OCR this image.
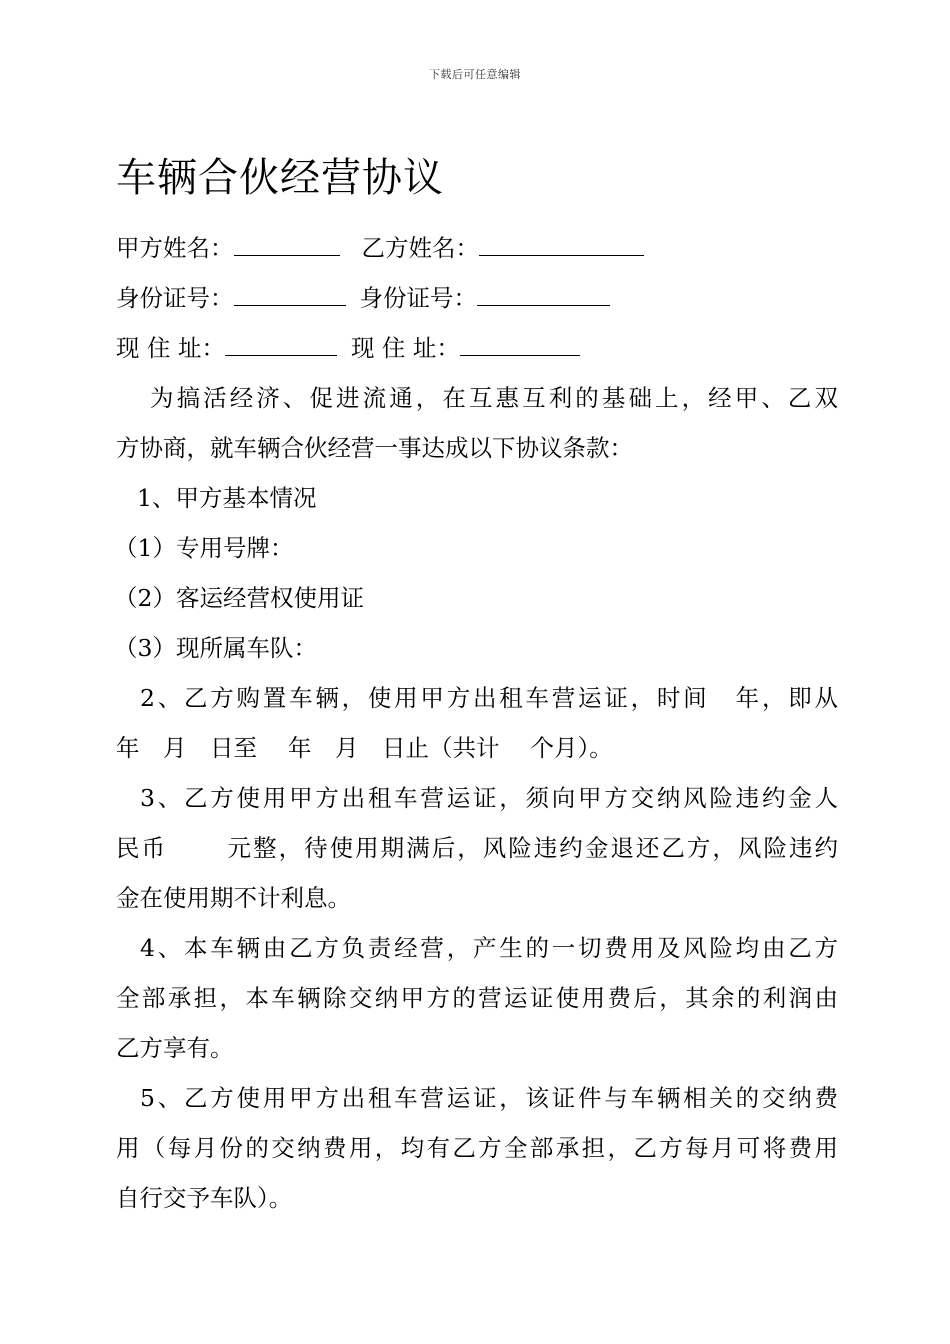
下载后可任意编辑
车辆合伙经营协议
甲方姓名：	乙方姓名：
身份证号：	身份证号：
现 住 址：	现 住 址：
为搞活经济、促进流通，在互惠互利的基础上，经甲、乙双
方协商，就车辆合伙经营一事达成以下协议条款：
1、甲方基本情况
（1）专用号牌：
（2）客运经营权使用证
（3）现所属车队：
2、乙方购置车辆，使用甲方出租车营运证，时间　年，即从
年　月　日至　 年　月　日止（共计　 个月）。
3、乙方使用甲方出租车营运证，须向甲方交纳风险违约金人
民币　　 元整，待使用期满后，风险违约金退还乙方，风险违约
金在使用期不计利息。
4、本车辆由乙方负责经营，产生的一切费用及风险均由乙方
全部承担，本车辆除交纳甲方的营运证使用费后，其余的利润由
乙方享有。
5、乙方使用甲方出租车营运证，该证件与车辆相关的交纳费
用（每月份的交纳费用，均有乙方全部承担，乙方每月可将费用
自行交予车队）。
